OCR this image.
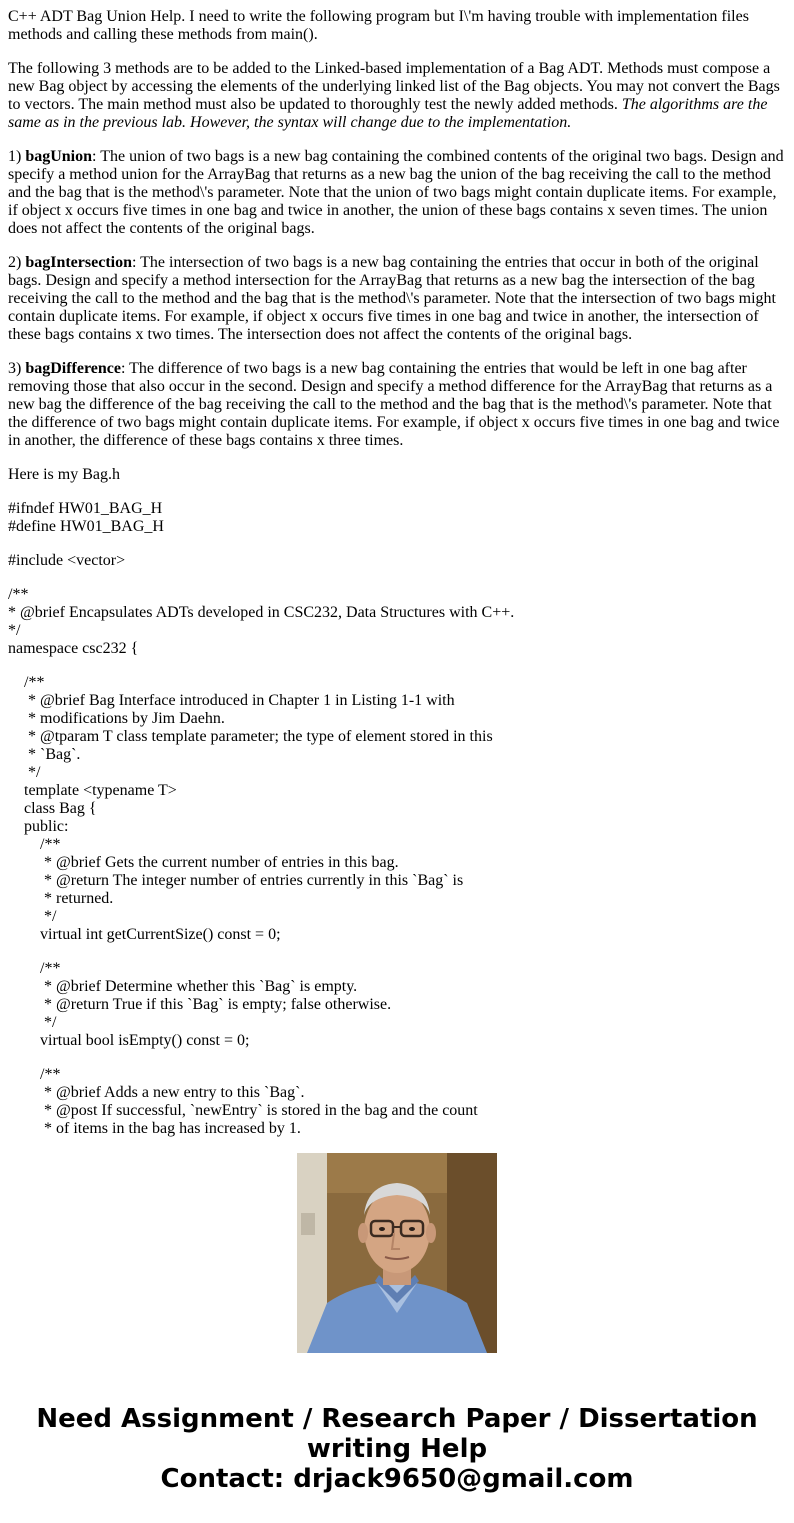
C++ ADT Bag Union Help. I need to write the following program but I\'m having trouble with implementation files methods and calling these methods from main().

The following 3 methods are to be added to the Linked-based implementation of a Bag ADT. Methods must compose a new Bag object by accessing the elements of the underlying linked list of the Bag objects. You may not convert the Bags to vectors. The main method must also be updated to thoroughly test the newly added methods. The algorithms are the same as in the previous lab. However, the syntax will change due to the implementation.

1) bagUnion: The union of two bags is a new bag containing the combined contents of the original two bags. Design and specify a method union for the ArrayBag that returns as a new bag the union of the bag receiving the call to the method and the bag that is the method\'s parameter. Note that the union of two bags might contain duplicate items. For example, if object x occurs five times in one bag and twice in another, the union of these bags contains x seven times. The union does not affect the contents of the original bags.

2) bagIntersection: The intersection of two bags is a new bag containing the entries that occur in both of the original bags. Design and specify a method intersection for the ArrayBag that returns as a new bag the intersection of the bag receiving the call to the method and the bag that is the method\'s parameter. Note that the intersection of two bags might contain duplicate items. For example, if object x occurs five times in one bag and twice in another, the intersection of these bags contains x two times. The intersection does not affect the contents of the original bags.

3) bagDifference: The difference of two bags is a new bag containing the entries that would be left in one bag after removing those that also occur in the second. Design and specify a method difference for the ArrayBag that returns as a new bag the difference of the bag receiving the call to the method and the bag that is the method\'s parameter. Note that the difference of two bags might contain duplicate items. For example, if object x occurs five times in one bag and twice in another, the difference of these bags contains x three times.

Here is my Bag.h

#ifndef HW01_BAG_H
#define HW01_BAG_H

#include <vector>

/**
* @brief Encapsulates ADTs developed in CSC232, Data Structures with C++.
*/
namespace csc232 {

/**
* @brief Bag Interface introduced in Chapter 1 in Listing 1-1 with
* modifications by Jim Daehn.
* @tparam T class template parameter; the type of element stored in this
* `Bag`.
*/
template <typename T>
class Bag {
public:
/**
* @brief Gets the current number of entries in this bag.
* @return The integer number of entries currently in this `Bag` is
* returned.
*/
virtual int getCurrentSize() const = 0;

/**
* @brief Determine whether this `Bag` is empty.
* @return True if this `Bag` is empty; false otherwise.
*/
virtual bool isEmpty() const = 0;

/**
* @brief Adds a new entry to this `Bag`.
* @post If successful, `newEntry` is stored in the bag and the count
* of items in the bag has increased by 1.

Need Assignment / Research Paper / Dissertation
writing Help
Contact: drjack9650@gmail.com
